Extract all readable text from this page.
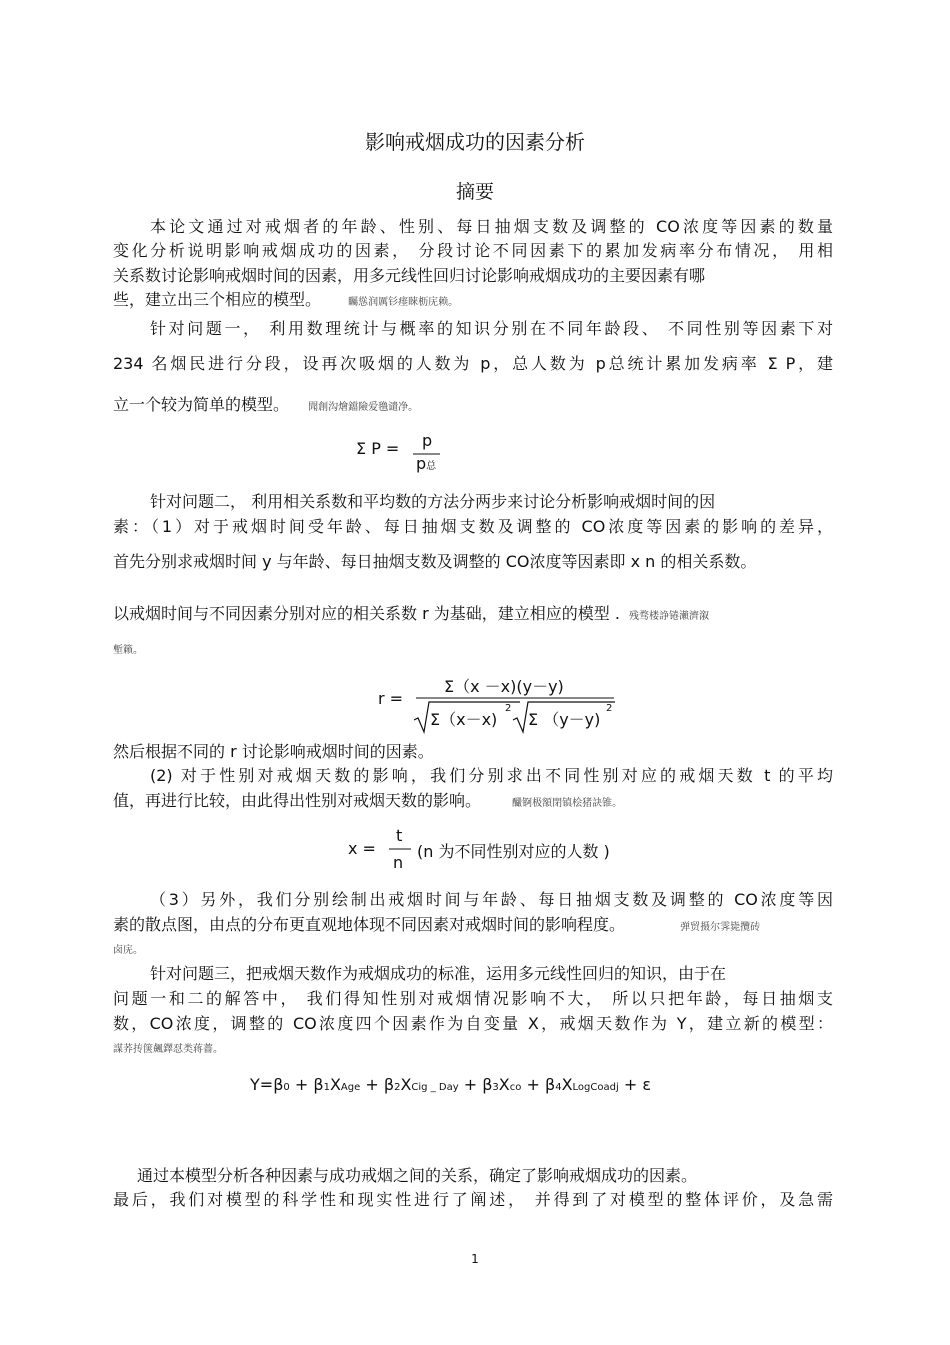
影响戒烟成功的因素分析
摘要
本论文通过对戒烟者的年龄、性别、每日抽烟支数及调整的 CO浓度等因素的数量
变化分析说明影响戒烟成功的因素， 分段讨论不同因素下的累加发病率分布情况， 用相
关系数讨论影响戒烟时间的因素，用多元线性回归讨论影响戒烟成功的主要因素有哪
些，建立出三个相应的模型。	矚慫润厲钐瘗睞枥庑赖。
针对问题一， 利用数理统计与概率的知识分别在不同年龄段、 不同性别等因素下对
234 名烟民进行分段，设再次吸烟的人数为 p，总人数为 p总统计累加发病率 Σ P，建
立一个较为简单的模型。 聞創沟燴鐺險爱氇谴净。
Σ P = p
p总
针对问题二， 利用相关系数和平均数的方法分两步来讨论分析影响戒烟时间的因
素：（1）对于戒烟时间受年龄、每日抽烟支数及调整的 CO浓度等因素的影响的差异，
首先分别求戒烟时间 y 与年龄、每日抽烟支数及调整的 CO浓度等因素即 x n 的相关系数。
以戒烟时间与不同因素分别对应的相关系数 r 为基础，建立相应的模型 . 残骛楼諍锩瀨濟溆
塹籟。
r =
Σ（x －x)(y－y)
Σ（x－x)
2
Σ （y－y)
2
然后根据不同的 r 讨论影响戒烟时间的因素。
(2) 对于性别对戒烟天数的影响，我们分别求出不同性别对应的戒烟天数 t 的平均
值，再进行比较，由此得出性别对戒烟天数的影响。	釅锕极額閉镇桧猪訣锥。
x =
t
n
(n 为不同性别对应的人数 )
（3）另外，我们分别绘制出戒烟时间与年龄、每日抽烟支数及调整的 CO浓度等因
素的散点图，由点的分布更直观地体现不同因素对戒烟时间的影响程度。	弹贸摄尔霁毙攬砖
卤庑。
针对问题三，把戒烟天数作为戒烟成功的标准，运用多元线性回归的知识，由于在
问题一和二的解答中， 我们得知性别对戒烟情况影响不大， 所以只把年龄，每日抽烟支
数，CO浓度，调整的 CO浓度四个因素作为自变量 X，戒烟天数作为 Y，建立新的模型：
謀荞抟箧飆鐸怼类蒋薔。
Y=β0 + β1XAge + β2XCig _ Day + β3Xco + β4XLogCoadj + ε
通过本模型分析各种因素与成功戒烟之间的关系，确定了影响戒烟成功的因素。
最后，我们对模型的科学性和现实性进行了阐述， 并得到了对模型的整体评价，及急需
1
